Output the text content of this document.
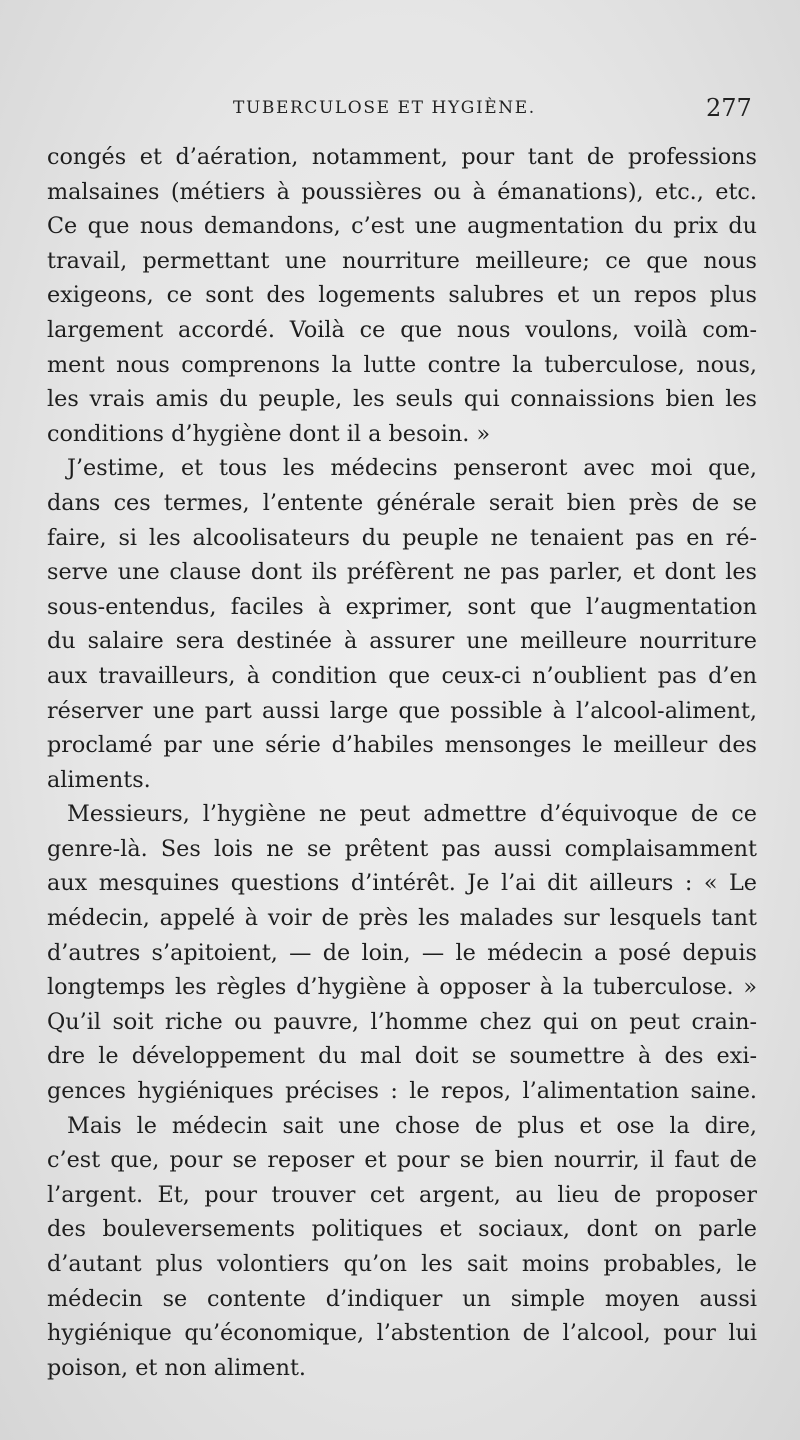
TUBERCULOSE ET HYGIÈNE.	277
congés et d’aération, notamment, pour tant de professions
malsaines (métiers à poussières ou à émanations), etc., etc.
Ce que nous demandons, c’est une augmentation du prix du
travail, permettant une nourriture meilleure; ce que nous
exigeons, ce sont des logements salubres et un repos plus
largement accordé. Voilà ce que nous voulons, voilà com-
ment nous comprenons la lutte contre la tuberculose, nous,
les vrais amis du peuple, les seuls qui connaissions bien les
conditions d’hygiène dont il a besoin. »
J’estime, et tous les médecins penseront avec moi que,
dans ces termes, l’entente générale serait bien près de se
faire, si les alcoolisateurs du peuple ne tenaient pas en ré-
serve une clause dont ils préfèrent ne pas parler, et dont les
sous-entendus, faciles à exprimer, sont que l’augmentation
du salaire sera destinée à assurer une meilleure nourriture
aux travailleurs, à condition que ceux-ci n’oublient pas d’en
réserver une part aussi large que possible à l’alcool-aliment,
proclamé par une série d’habiles mensonges le meilleur des
aliments.
Messieurs, l’hygiène ne peut admettre d’équivoque de ce
genre-là. Ses lois ne se prêtent pas aussi complaisamment
aux mesquines questions d’intérêt. Je l’ai dit ailleurs : « Le
médecin, appelé à voir de près les malades sur lesquels tant
d’autres s’apitoient, — de loin, — le médecin a posé depuis
longtemps les règles d’hygiène à opposer à la tuberculose. »
Qu’il soit riche ou pauvre, l’homme chez qui on peut crain-
dre le développement du mal doit se soumettre à des exi-
gences hygiéniques précises : le repos, l’alimentation saine.
Mais le médecin sait une chose de plus et ose la dire,
c’est que, pour se reposer et pour se bien nourrir, il faut de
l’argent. Et, pour trouver cet argent, au lieu de proposer
des bouleversements politiques et sociaux, dont on parle
d’autant plus volontiers qu’on les sait moins probables, le
médecin se contente d’indiquer un simple moyen aussi
hygiénique qu’économique, l’abstention de l’alcool, pour lui
poison, et non aliment.
